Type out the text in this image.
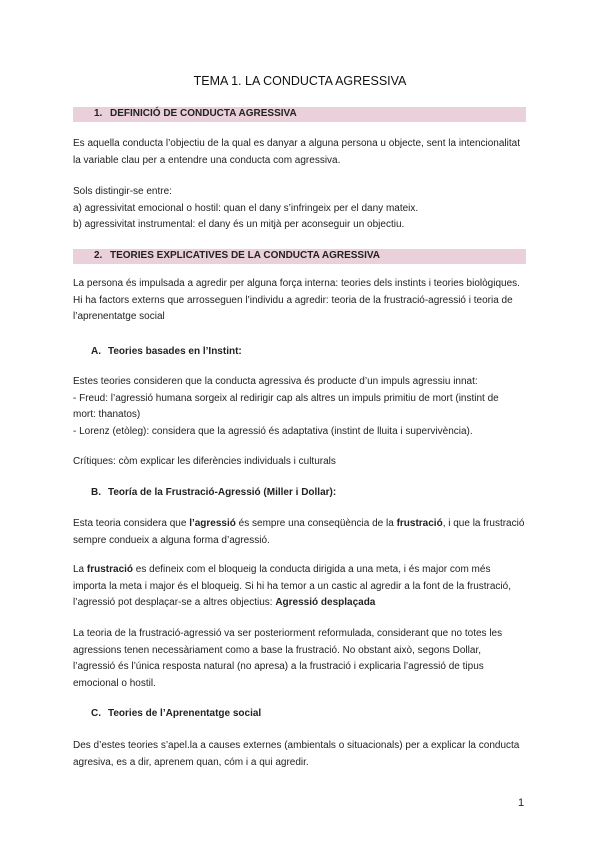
TEMA 1. LA CONDUCTA AGRESSIVA
1. DEFINICIÓ DE CONDUCTA AGRESSIVA

Es aquella conducta l’objectiu de la qual es danyar a alguna persona u objecte, sent la intencionalitat

la variable clau per a entendre una conducta com agressiva.

Sols distingir-se entre:

a) agressivitat emocional o hostil: quan el dany s’infringeix per el dany mateix.

b) agressivitat instrumental: el dany és un mitjà per aconseguir un objectiu.

2. TEORIES EXPLICATIVES DE LA CONDUCTA AGRESSIVA

La persona és impulsada a agredir per alguna força interna: teories dels instints i teories biològiques.

Hi ha factors externs que arrosseguen l’individu a agredir: teoria de la frustració-agressió i teoria de

l’aprenentatge social

A. Teories basades en l’Instint:

Estes teories consideren que la conducta agressiva és producte d’un impuls agressiu innat:

- Freud: l’agressió humana sorgeix al redirigir cap als altres un impuls primitiu de mort (instint de

mort: thanatos)

- Lorenz (etòleg): considera que la agressió és adaptativa (instint de lluita i supervivència).

Crítiques: còm explicar les diferències individuals i culturals

B. Teoría de la Frustració-Agressió (Miller i Dollar):

Esta teoria considera que l’agressió és sempre una conseqüència de la frustració, i que la frustració

sempre condueix a alguna forma d’agressió.

La frustració es defineix com el bloqueig la conducta dirigida a una meta, i és major com més

importa la meta i major és el bloqueig. Si hi ha temor a un castic al agredir a la font de la frustració,

l’agressió pot desplaçar-se a altres objectius: Agressió desplaçada

La teoria de la frustració-agressió va ser posteriorment reformulada, considerant que no totes les

agressions tenen necessàriament como a base la frustració. No obstant això, segons Dollar,

l’agressió és l’única resposta natural (no apresa) a la frustració i explicaria l’agressió de tipus

emocional o hostil.

C. Teories de l’Aprenentatge social

Des d’estes teories s’apel.la a causes externes (ambientals o situacionals) per a explicar la conducta

agresiva, es a dir, aprenem quan, cóm i a qui agredir.

1
